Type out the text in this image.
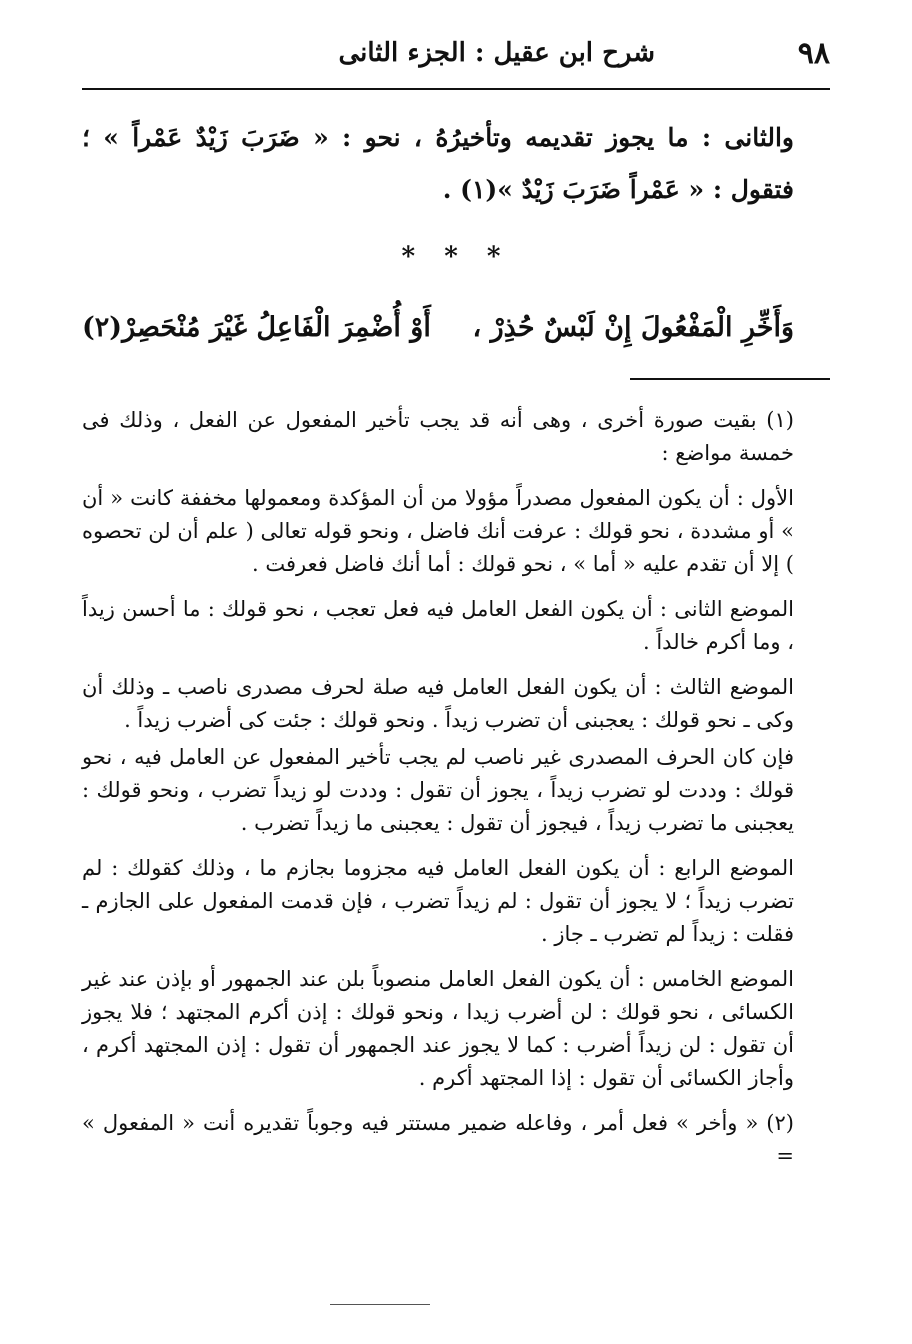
٩٨
شرح ابن عقيل : الجزء الثانى

والثانى : ما يجوز تقديمه وتأخيرُهُ ، نحو : « ضَرَبَ زَيْدٌ عَمْراً » ؛ فتقول : « عَمْراً ضَرَبَ زَيْدٌ »(١) .

* * *
وَأَخِّرِ الْمَفْعُولَ إِنْ لَبْسٌ حُذِرْ ،
أَوْ أُضْمِرَ الْفَاعِلُ غَيْرَ مُنْحَصِرْ(٢)

(١) بقيت صورة أخرى ، وهى أنه قد يجب تأخير المفعول عن الفعل ، وذلك فى خمسة مواضع :

الأول : أن يكون المفعول مصدراً مؤولا من أن المؤكدة ومعمولها مخففة كانت « أن » أو مشددة ، نحو قولك : عرفت أنك فاضل ، ونحو قوله تعالى ( علم أن لن تحصوه ) إلا أن تقدم عليه « أما » ، نحو قولك : أما أنك فاضل فعرفت .

الموضع الثانى : أن يكون الفعل العامل فيه فعل تعجب ، نحو قولك : ما أحسن زيداً ، وما أكرم خالداً .

الموضع الثالث : أن يكون الفعل العامل فيه صلة لحرف مصدرى ناصب ـ وذلك أن وكى ـ نحو قولك : يعجبنى أن تضرب زيداً . ونحو قولك : جئت كى أضرب زيداً .

فإن كان الحرف المصدرى غير ناصب لم يجب تأخير المفعول عن العامل فيه ، نحو قولك : وددت لو تضرب زيداً ، يجوز أن تقول : وددت لو زيداً تضرب ، ونحو قولك : يعجبنى ما تضرب زيداً ، فيجوز أن تقول : يعجبنى ما زيداً تضرب .

الموضع الرابع : أن يكون الفعل العامل فيه مجزوما بجازم ما ، وذلك كقولك : لم تضرب زيداً ؛ لا يجوز أن تقول : لم زيداً تضرب ، فإن قدمت المفعول على الجازم ـ فقلت : زيداً لم تضرب ـ جاز .

الموضع الخامس : أن يكون الفعل العامل منصوباً بلن عند الجمهور أو بإذن عند غير الكسائى ، نحو قولك : لن أضرب زيدا ، ونحو قولك : إذن أكرم المجتهد ؛ فلا يجوز أن تقول : لن زيداً أضرب : كما لا يجوز عند الجمهور أن تقول : إذن المجتهد أكرم ، وأجاز الكسائى أن تقول : إذا المجتهد أكرم .

(٢) « وأخر » فعل أمر ، وفاعله ضمير مستتر فيه وجوباً تقديره أنت « المفعول » =
